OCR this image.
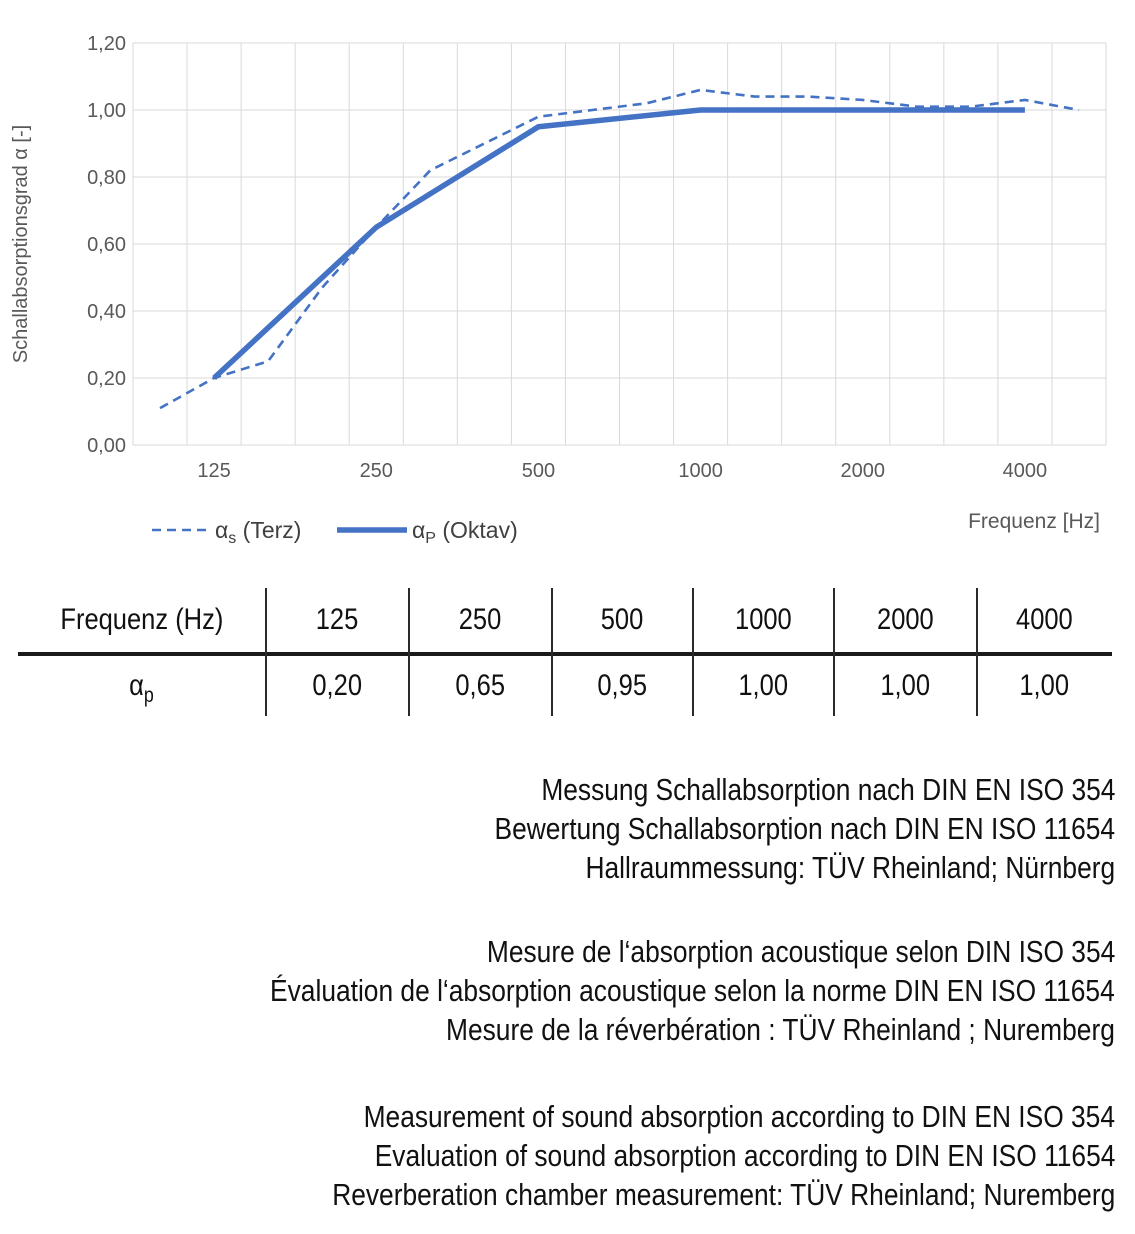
0,00
0,20
0,40
0,60
0,80
1,00
1,20
125	250	500	1000	2000	4000
Schallabsorptionsgrad α [-]
Frequenz [Hz]
$\alpha_s$ (Terz)	$\alpha_P$ (Oktav)
Frequenz (Hz)	125	250	500	1000	2000	4000
$\alpha_p$	0,20	0,65	0,95	1,00	1,00	1,00
Messung Schallabsorption nach DIN EN ISO 354
Bewertung Schallabsorption nach DIN EN ISO 11654
Hallraummessung: TÜV Rheinland; Nürnberg
Mesure de l‘absorption acoustique selon DIN ISO 354
Évaluation de l‘absorption acoustique selon la norme DIN EN ISO 11654
Mesure de la réverbération : TÜV Rheinland ; Nuremberg
Measurement of sound absorption according to DIN EN ISO 354
Evaluation of sound absorption according to DIN EN ISO 11654
Reverberation chamber measurement: TÜV Rheinland; Nuremberg
